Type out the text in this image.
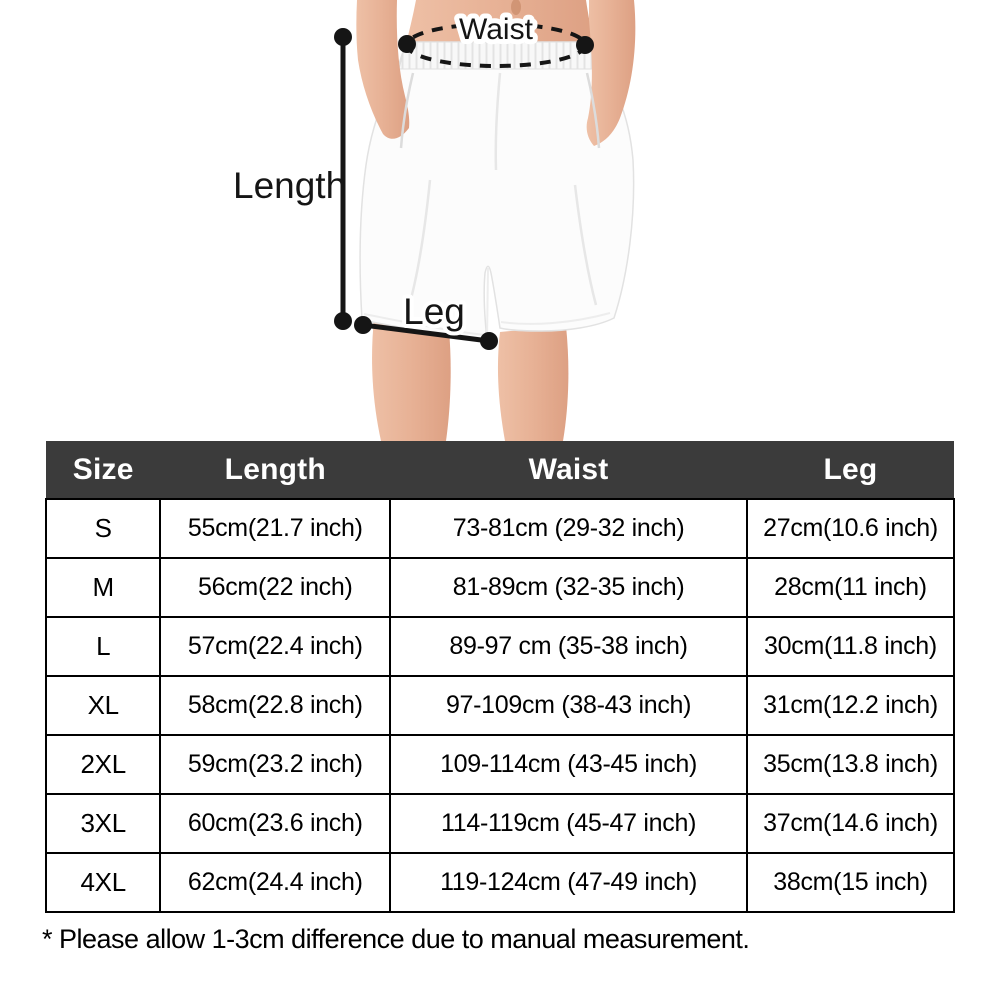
Waist
Length
Leg
Size	Length	Waist	Leg
S	55cm(21.7 inch)	73-81cm (29-32 inch)	27cm(10.6 inch)
M	56cm(22 inch)	81-89cm (32-35 inch)	28cm(11 inch)
L	57cm(22.4 inch)	89-97 cm (35-38 inch)	30cm(11.8 inch)
XL	58cm(22.8 inch)	97-109cm (38-43 inch)	31cm(12.2 inch)
2XL	59cm(23.2 inch)	109-114cm (43-45 inch)	35cm(13.8 inch)
3XL	60cm(23.6 inch)	114-119cm (45-47 inch)	37cm(14.6 inch)
4XL	62cm(24.4 inch)	119-124cm (47-49 inch)	38cm(15 inch)
* Please allow 1-3cm difference due to manual measurement.
